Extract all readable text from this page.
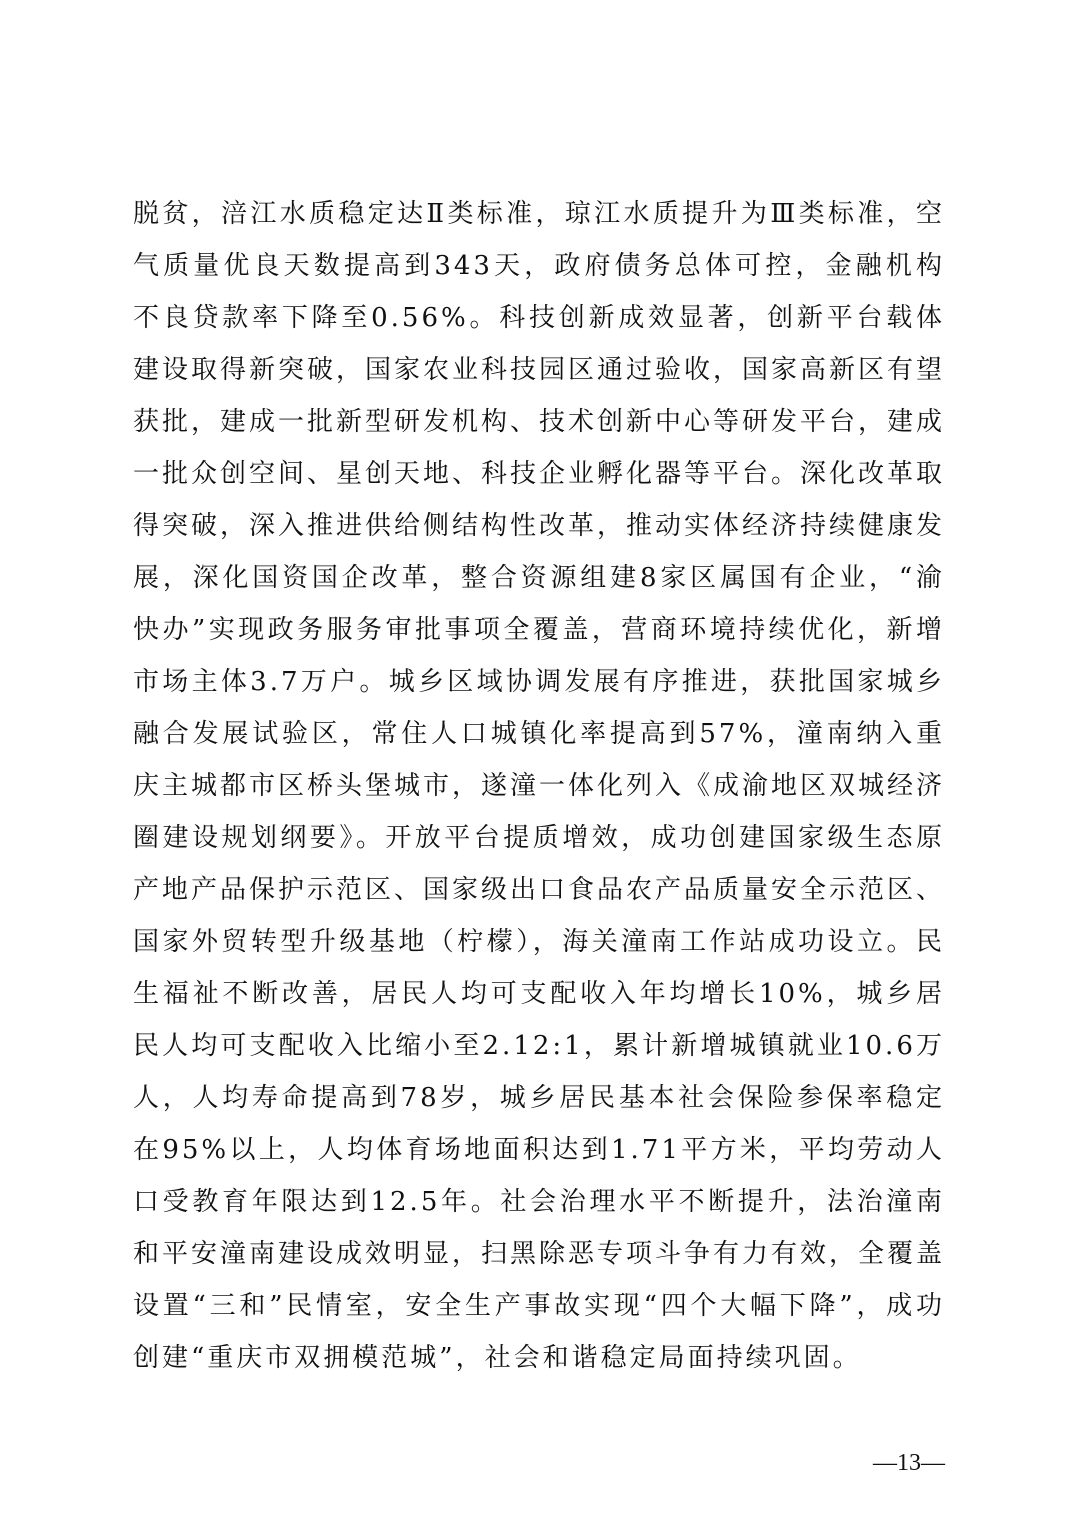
脱贫，涪江水质稳定达Ⅱ类标准，琼江水质提升为Ⅲ类标准，空气质量优良天数提高到343天，政府债务总体可控，金融机构不良贷款率下降至0.56%。科技创新成效显著，创新平台载体建设取得新突破，国家农业科技园区通过验收，国家高新区有望获批，建成一批新型研发机构、技术创新中心等研发平台，建成一批众创空间、星创天地、科技企业孵化器等平台。深化改革取得突破，深入推进供给侧结构性改革，推动实体经济持续健康发展，深化国资国企改革，整合资源组建8家区属国有企业，“渝快办”实现政务服务审批事项全覆盖，营商环境持续优化，新增市场主体3.7万户。城乡区域协调发展有序推进，获批国家城乡融合发展试验区，常住人口城镇化率提高到57%，潼南纳入重庆主城都市区桥头堡城市，遂潼一体化列入《成渝地区双城经济圈建设规划纲要》。开放平台提质增效，成功创建国家级生态原产地产品保护示范区、国家级出口食品农产品质量安全示范区、国家外贸转型升级基地（柠檬），海关潼南工作站成功设立。民生福祉不断改善，居民人均可支配收入年均增长10%，城乡居民人均可支配收入比缩小至2.12:1，累计新增城镇就业10.6万人，人均寿命提高到78岁，城乡居民基本社会保险参保率稳定在95%以上，人均体育场地面积达到1.71平方米，平均劳动人口受教育年限达到12.5年。社会治理水平不断提升，法治潼南和平安潼南建设成效明显，扫黑除恶专项斗争有力有效，全覆盖设置“三和”民情室，安全生产事故实现“四个大幅下降”，成功创建“重庆市双拥模范城”，社会和谐稳定局面持续巩固。

—13—
